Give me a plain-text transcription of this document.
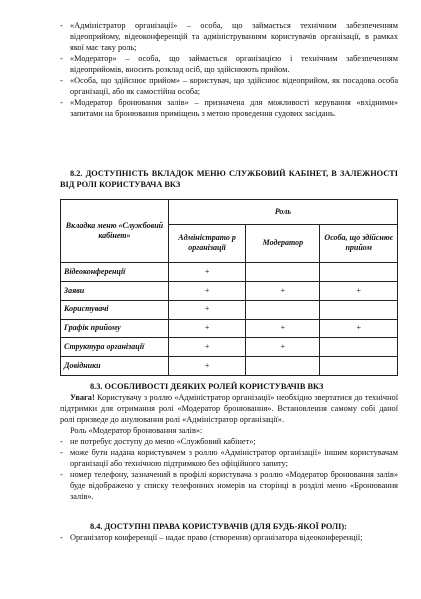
- «Адміністратор організації» – особа, що займається технічним забезпеченням відеоприйому, відеоконференцій та адмініструванням користувачів організації, в рамках якої має таку роль;

- «Модератор» – особа, що займається організацією і технічним забезпеченням відеоприйомів, вносить розклад осіб, що здійснюють прийом.

- «Особа, що здійснює прийом» – користувач, що здійснює відеоприйом, як посадова особа організації, або як самостійна особа;

- «Модератор бронювання залів» – призначена для можливості керування «вхідними» запитами на бронювання приміщень з метою проведення судових засідань.

8.2. ДОСТУПНІСТЬ ВКЛАДОК МЕНЮ СЛУЖБОВИЙ КАБІНЕТ, В ЗАЛЕЖНОСТІ ВІД РОЛІ КОРИСТУВАЧА ВКЗ

Вкладка меню «Службовий кабінет»	Роль		
	Адміністрато р організації	Модератор	Особа, що здійснює прийом
Відеоконференції	+		
Заяви	+	+	+
Користувачі	+		
Графік прийому	+	+	+
Структура організації	+	+	
Довідники	+		

8.3. ОСОБЛИВОСТІ ДЕЯКИХ РОЛЕЙ КОРИСТУВАЧІВ ВКЗ

Увага! Користувачу з роллю «Адміністратор організації» необхідно звертатися до технічної підтримки для отримання ролі «Модератор бронювання». Встановлення самому собі даної ролі призведе до анулювання ролі «Адміністратор організації».

Роль «Модератор бронювання залів»:

- не потребує доступу до меню «Службовий кабінет»;

- може бути надана користувачем з роллю «Адміністратор організації» іншим користувачам організації або технічною підтримкою без офіційного запиту;

- номер телефону, зазначений в профілі користувача з роллю «Модератор бронювання залів» буде відображено у списку телефонних номерів на сторінці в розділі меню «Бронювання залів».

8.4. ДОСТУПНІ ПРАВА КОРИСТУВАЧІВ (ДЛЯ БУДЬ-ЯКОЇ РОЛІ):

- Організатор конференції – надає право (створення) організатора відеоконференції;
